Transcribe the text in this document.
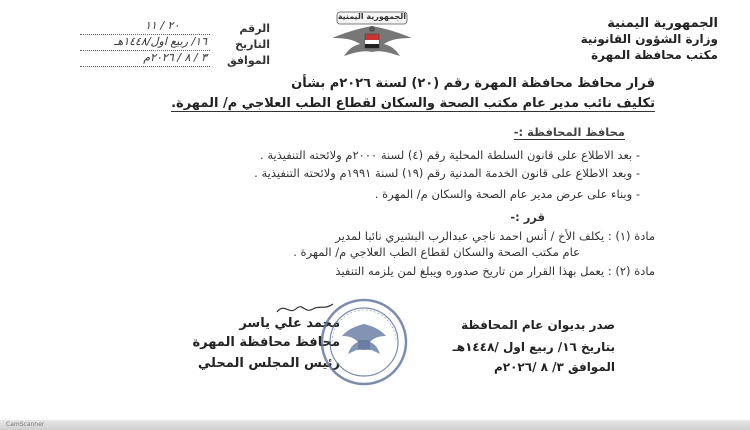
الجمهورية اليمنية
وزارة الشؤون القانونية
مكتب محافظة المهرة
الجمهورية اليمنية
الرقم
٢٠ / ١١
التاريخ
١٦/ ربيع اول/١٤٤٨هـ
الموافق
٣ / ٨ / ٢٠٢٦م
قرار محافظ محافظة المهرة رقم (٢٠) لسنة ٢٠٢٦م بشأن
تكليف نائب مدير عام مكتب الصحة والسكان لقطاع الطب العلاجي م/ المهرة.
محافظ المحافظة :-
- بعد الاطلاع على قانون السلطة المحلية رقم (٤) لسنة ٢٠٠٠م ولائحته التنفيذية .
- وبعد الاطلاع على قانون الخدمة المدنية رقم (١٩) لسنة ١٩٩١م ولائحته التنفيذية .
- وبناء على عرض مدير عام الصحة والسكان م/ المهرة .
قرر :-
مادة (١) : يكلف الأخ / أنس احمد ناجي عبدالرب البشيري نائبا لمدير
عام مكتب الصحة والسكان لقطاع الطب العلاجي م/ المهرة .
مادة (٢) : يعمل بهذا القرار من تاريخ صدوره ويبلغ لمن يلزمه التنفيذ
صدر بديوان عام المحافظة
بتاريخ ١٦/ ربيع اول /١٤٤٨هـ
الموافق ٣/ ٨ /٢٠٢٦م
محمد علي ياسر
محافظ محافظة المهرة
رئيس المجلس المحلي
CamScanner
